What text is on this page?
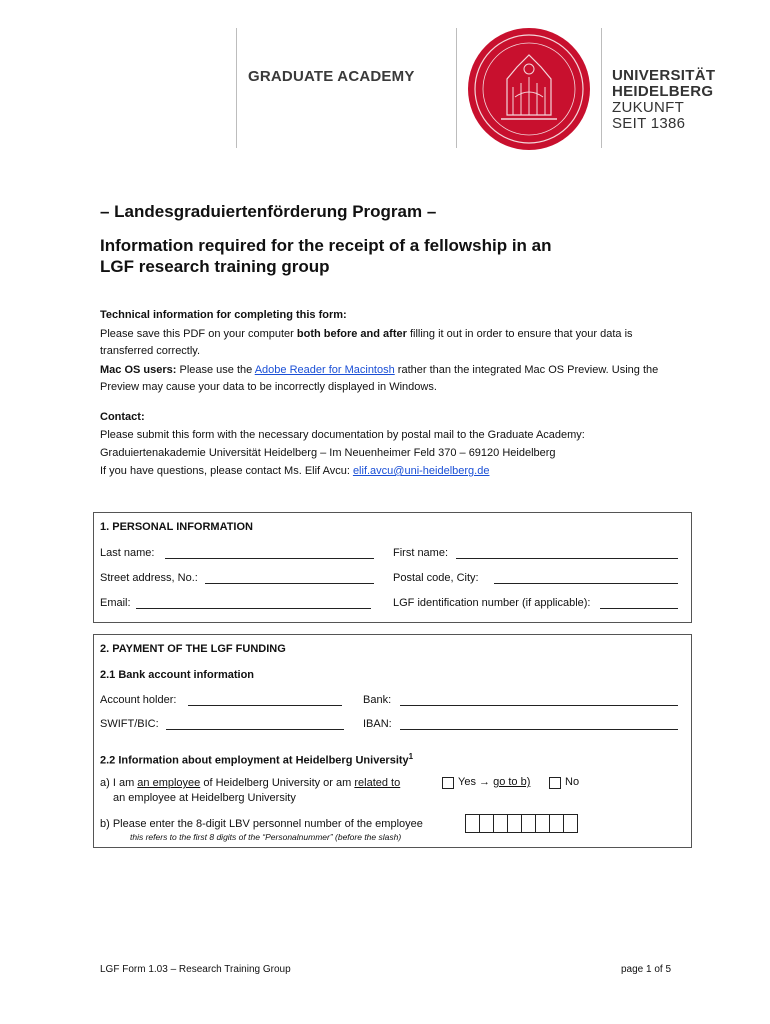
GRADUATE ACADEMY	UNIVERSITÄT
HEIDELBERG
ZUKUNFT
SEIT 1386
– Landesgraduiertenförderung Program –
Information required for the receipt of a fellowship in an
LGF research training group
Technical information for completing this form:
Please save this PDF on your computer both before and after filling it out in order to ensure that your data is transferred correctly.
Mac OS users: Please use the Adobe Reader for Macintosh rather than the integrated Mac OS Preview. Using the Preview may cause your data to be incorrectly displayed in Windows.
Contact:
Please submit this form with the necessary documentation by postal mail to the Graduate Academy:
Graduiertenakademie Universität Heidelberg – Im Neuenheimer Feld 370 – 69120 Heidelberg
If you have questions, please contact Ms. Elif Avcu: elif.avcu@uni-heidelberg.de
1. PERSONAL INFORMATION
Last name:	First name:
Street address, No.:	Postal code, City:
Email:	LGF identification number (if applicable):
2. PAYMENT OF THE LGF FUNDING
2.1 Bank account information
Account holder:	Bank:
SWIFT/BIC:	IBAN:
2.2 Information about employment at Heidelberg University$^1$
a) I am an employee of Heidelberg University or am related to
an employee at Heidelberg University
Yes → go to b)	No
b) Please enter the 8-digit LBV personnel number of the employee
this refers to the first 8 digits of the “Personalnummer” (before the slash)
LGF Form 1.03 – Research Training Group	page 1 of 5
